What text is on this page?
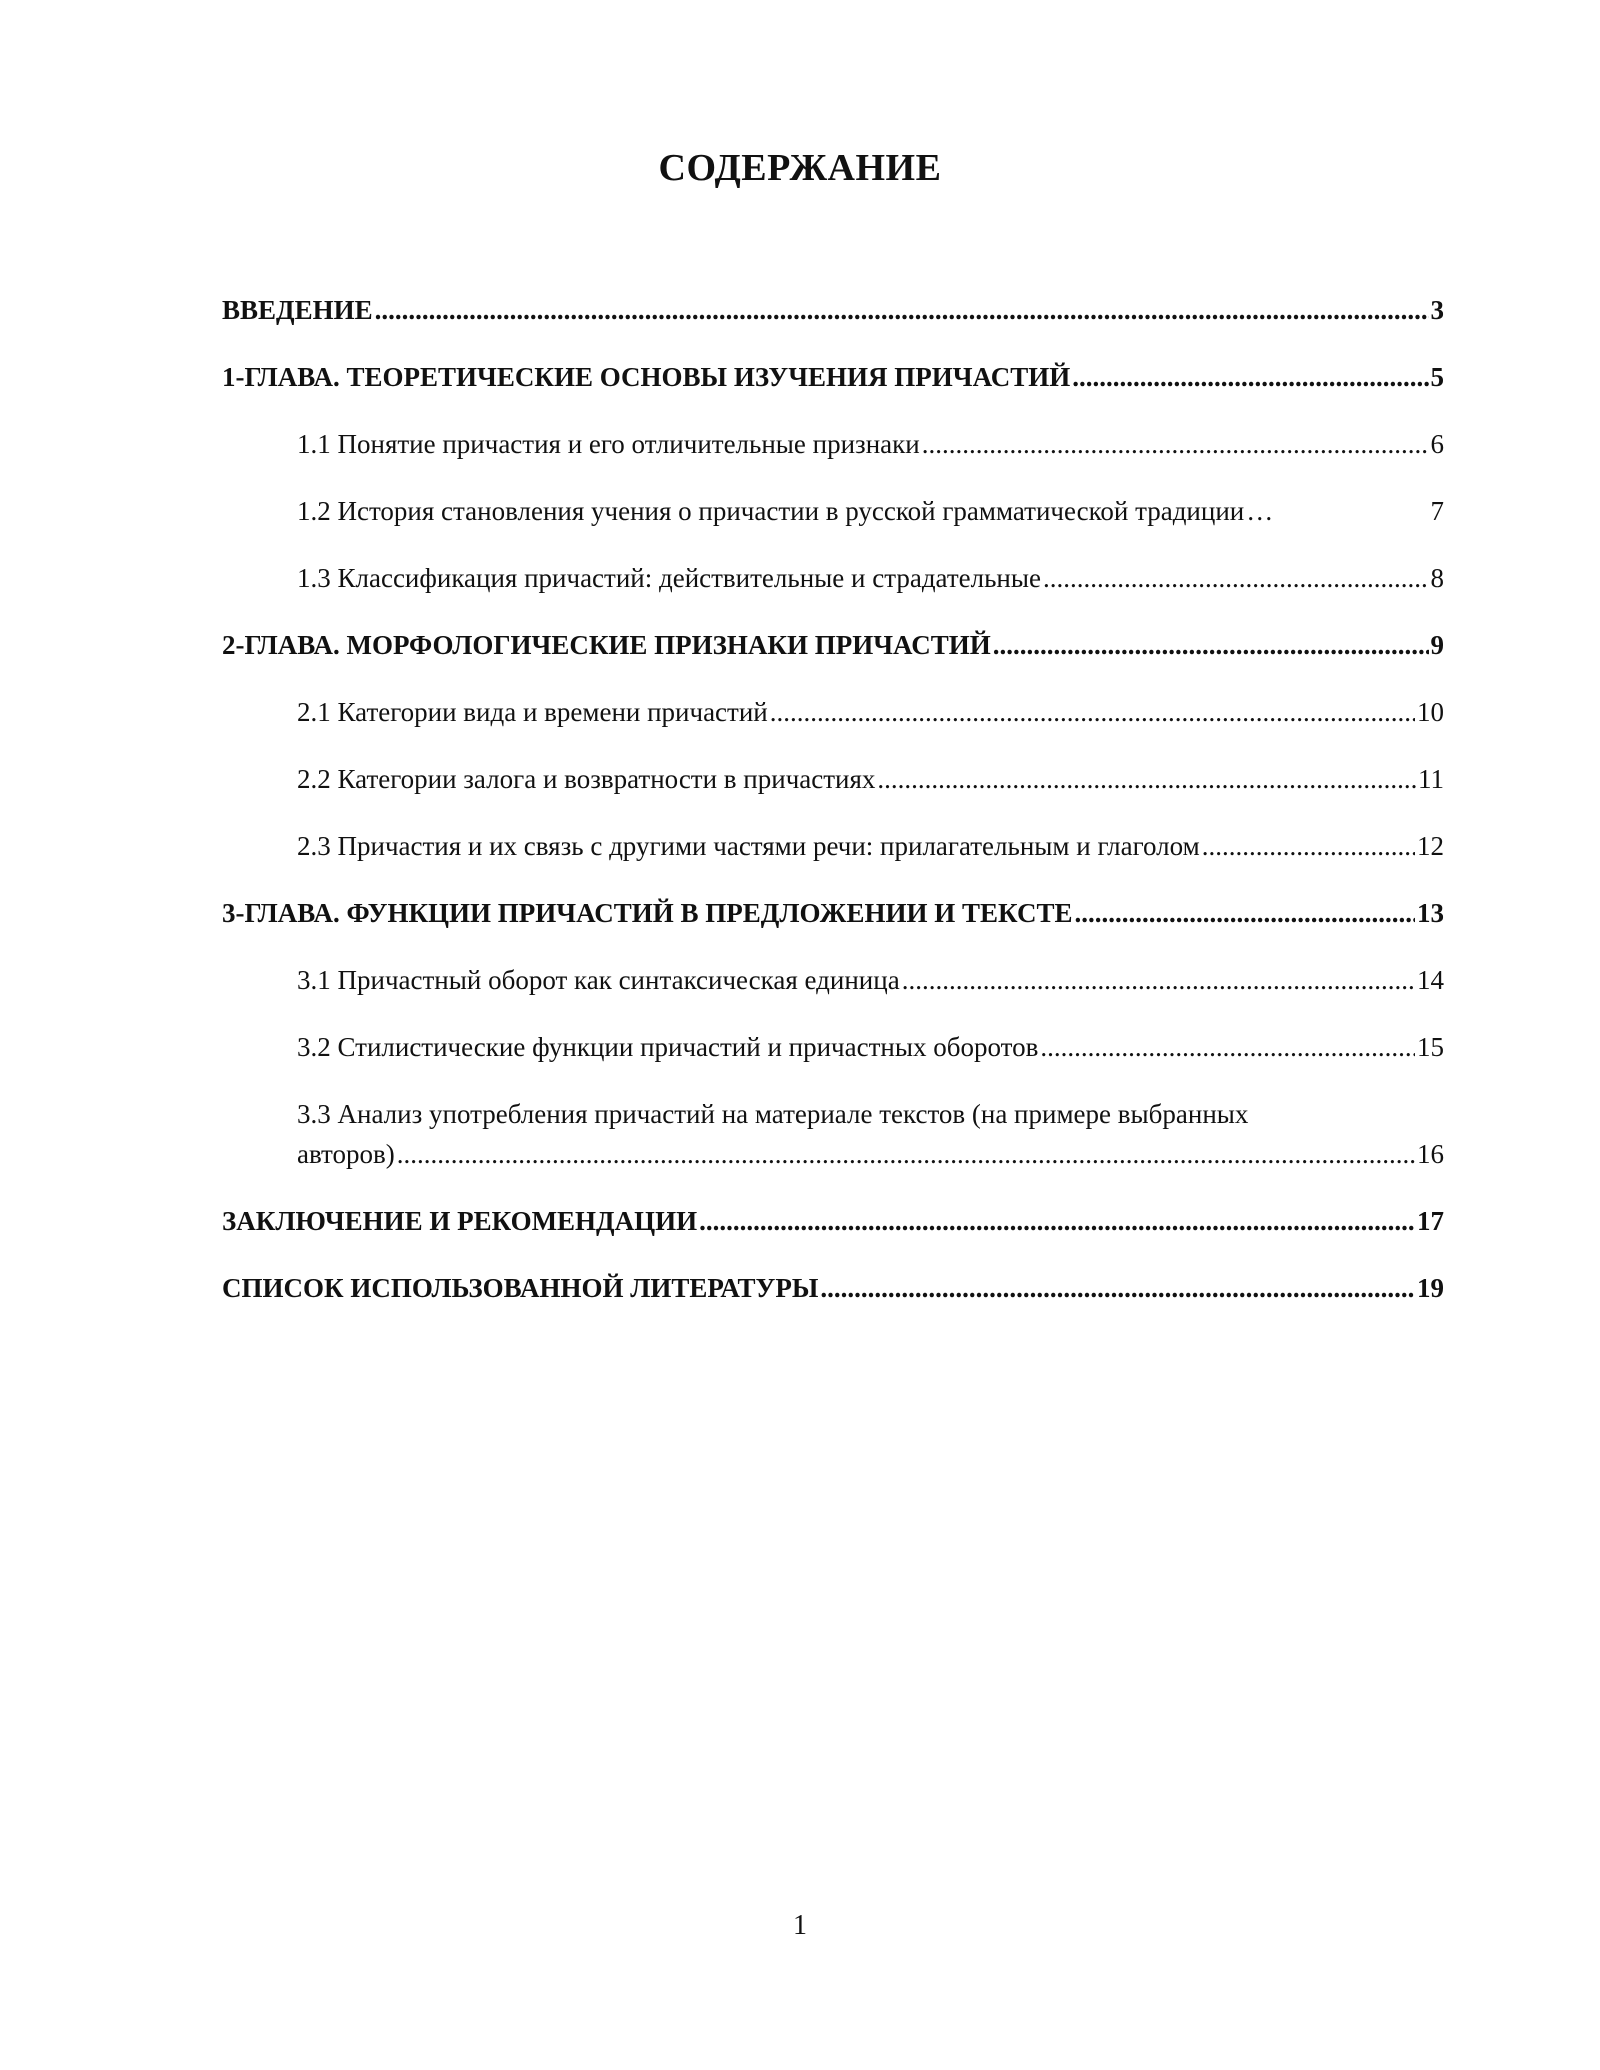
СОДЕРЖАНИЕ
ВВЕДЕНИЕ .....	3
1-ГЛАВА. ТЕОРЕТИЧЕСКИЕ ОСНОВЫ ИЗУЧЕНИЯ ПРИЧАСТИЙ .....	5
1.1 Понятие причастия и его отличительные признаки .....	6
1.2 История становления учения о причастии в русской грамматической традиции …	7
1.3 Классификация причастий: действительные и страдательные .....	8
2-ГЛАВА. МОРФОЛОГИЧЕСКИЕ ПРИЗНАКИ ПРИЧАСТИЙ .....	9
2.1 Категории вида и времени причастий .....	10
2.2 Категории залога и возвратности в причастиях .....	11
2.3 Причастия и их связь с другими частями речи: прилагательным и глаголом .....	12
3-ГЛАВА. ФУНКЦИИ ПРИЧАСТИЙ В ПРЕДЛОЖЕНИИ И ТЕКСТЕ .....	13
3.1 Причастный оборот как синтаксическая единица .....	14
3.2 Стилистические функции причастий и причастных оборотов .....	15
3.3 Анализ употребления причастий на материале текстов (на примере выбранных
авторов) .....	16
ЗАКЛЮЧЕНИЕ И РЕКОМЕНДАЦИИ .....	17
СПИСОК ИСПОЛЬЗОВАННОЙ ЛИТЕРАТУРЫ .....	19
1
